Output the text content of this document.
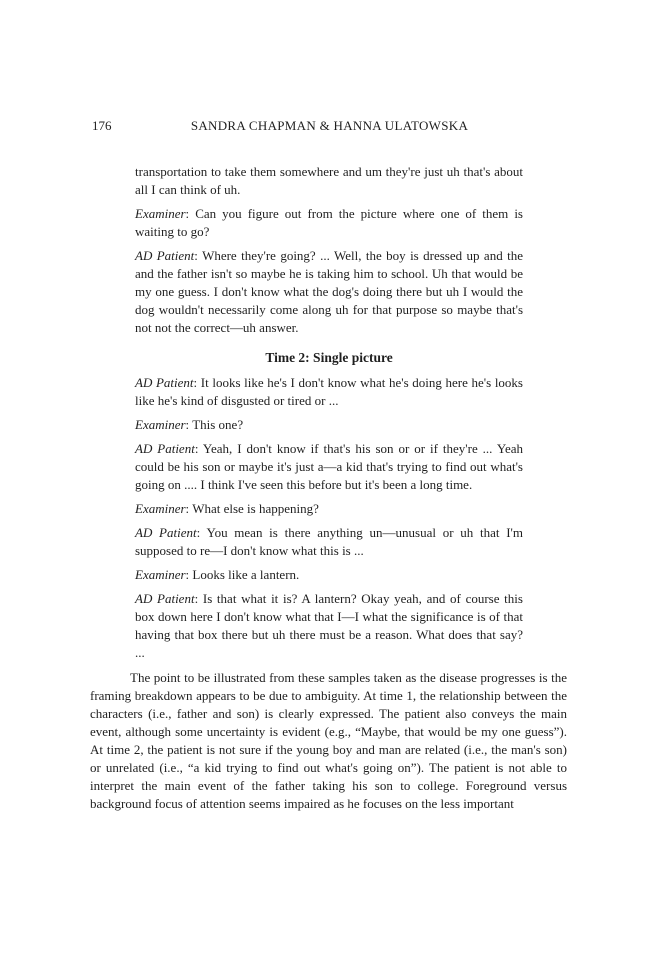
176	SANDRA CHAPMAN & HANNA ULATOWSKA

transportation to take them somewhere and um they're just uh that's about all I can think of uh.

Examiner: Can you figure out from the picture where one of them is waiting to go?

AD Patient: Where they're going? ... Well, the boy is dressed up and the and the father isn't so maybe he is taking him to school. Uh that would be my one guess. I don't know what the dog's doing there but uh I would the dog wouldn't necessarily come along uh for that purpose so maybe that's not not the correct—uh answer.

Time 2: Single picture

AD Patient: It looks like he's I don't know what he's doing here he's looks like he's kind of disgusted or tired or ...

Examiner: This one?

AD Patient: Yeah, I don't know if that's his son or or if they're ... Yeah could be his son or maybe it's just a—a kid that's trying to find out what's going on .... I think I've seen this before but it's been a long time.

Examiner: What else is happening?

AD Patient: You mean is there anything un—unusual or uh that I'm supposed to re—I don't know what this is ...

Examiner: Looks like a lantern.

AD Patient: Is that what it is? A lantern? Okay yeah, and of course this box down here I don't know what that I—I what the significance is of that having that box there but uh there must be a reason. What does that say? ...

The point to be illustrated from these samples taken as the disease progresses is the framing breakdown appears to be due to ambiguity. At time 1, the relationship between the characters (i.e., father and son) is clearly expressed. The patient also conveys the main event, although some uncertainty is evident (e.g., “Maybe, that would be my one guess”). At time 2, the patient is not sure if the young boy and man are related (i.e., the man's son) or unrelated (i.e., “a kid trying to find out what's going on”). The patient is not able to interpret the main event of the father taking his son to college. Foreground versus background focus of attention seems impaired as he focuses on the less important
